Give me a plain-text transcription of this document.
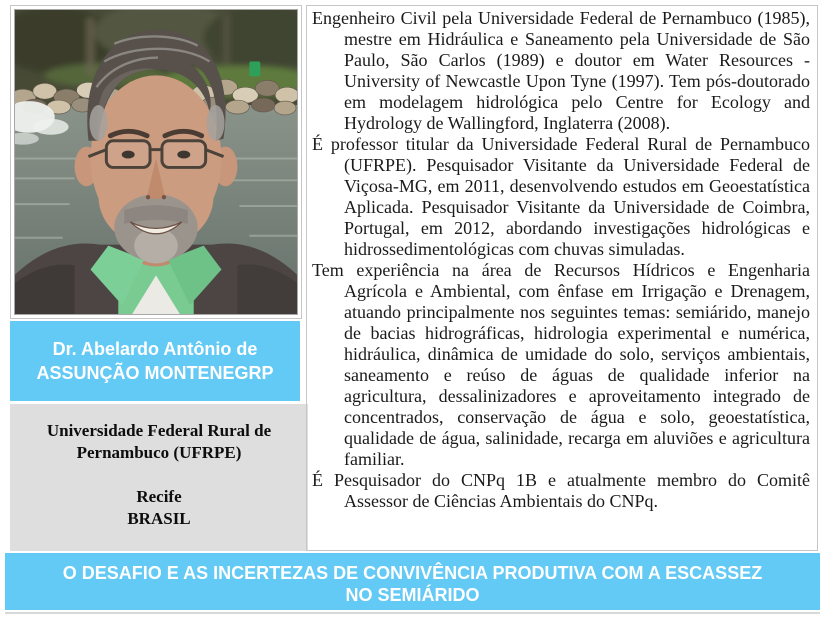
Dr. Abelardo Antônio de
ASSUNÇÃO MONTENEGRP
Universidade Federal Rural de Pernambuco (UFRPE)
Recife
BRASIL

Engenheiro Civil pela Universidade Federal de Pernambuco (1985), mestre em Hidráulica e Saneamento pela Universidade de São Paulo, São Carlos (1989) e doutor em Water Resources - University of Newcastle Upon Tyne (1997). Tem pós-doutorado em modelagem hidrológica pelo Centre for Ecology and Hydrology de Wallingford, Inglaterra (2008).

É professor titular da Universidade Federal Rural de Pernambuco (UFRPE). Pesquisador Visitante da Universidade Federal de Viçosa-MG, em 2011, desenvolvendo estudos em Geoestatística Aplicada. Pesquisador Visitante da Universidade de Coimbra, Portugal, em 2012, abordando investigações hidrológicas e hidrossedimentológicas com chuvas simuladas.

Tem experiência na área de Recursos Hídricos e Engenharia Agrícola e Ambiental, com ênfase em Irrigação e Drenagem, atuando principalmente nos seguintes temas: semiárido, manejo de bacias hidrográficas, hidrologia experimental e numérica, hidráulica, dinâmica de umidade do solo, serviços ambientais, saneamento e reúso de águas de qualidade inferior na agricultura, dessalinizadores e aproveitamento integrado de concentrados, conservação de água e solo, geoestatística, qualidade de água, salinidade, recarga em aluviões e agricultura familiar.

É Pesquisador do CNPq 1B e atualmente membro do Comitê Assessor de Ciências Ambientais do CNPq.

O DESAFIO E AS INCERTEZAS DE CONVIVÊNCIA PRODUTIVA COM A ESCASSEZ
NO SEMIÁRIDO
